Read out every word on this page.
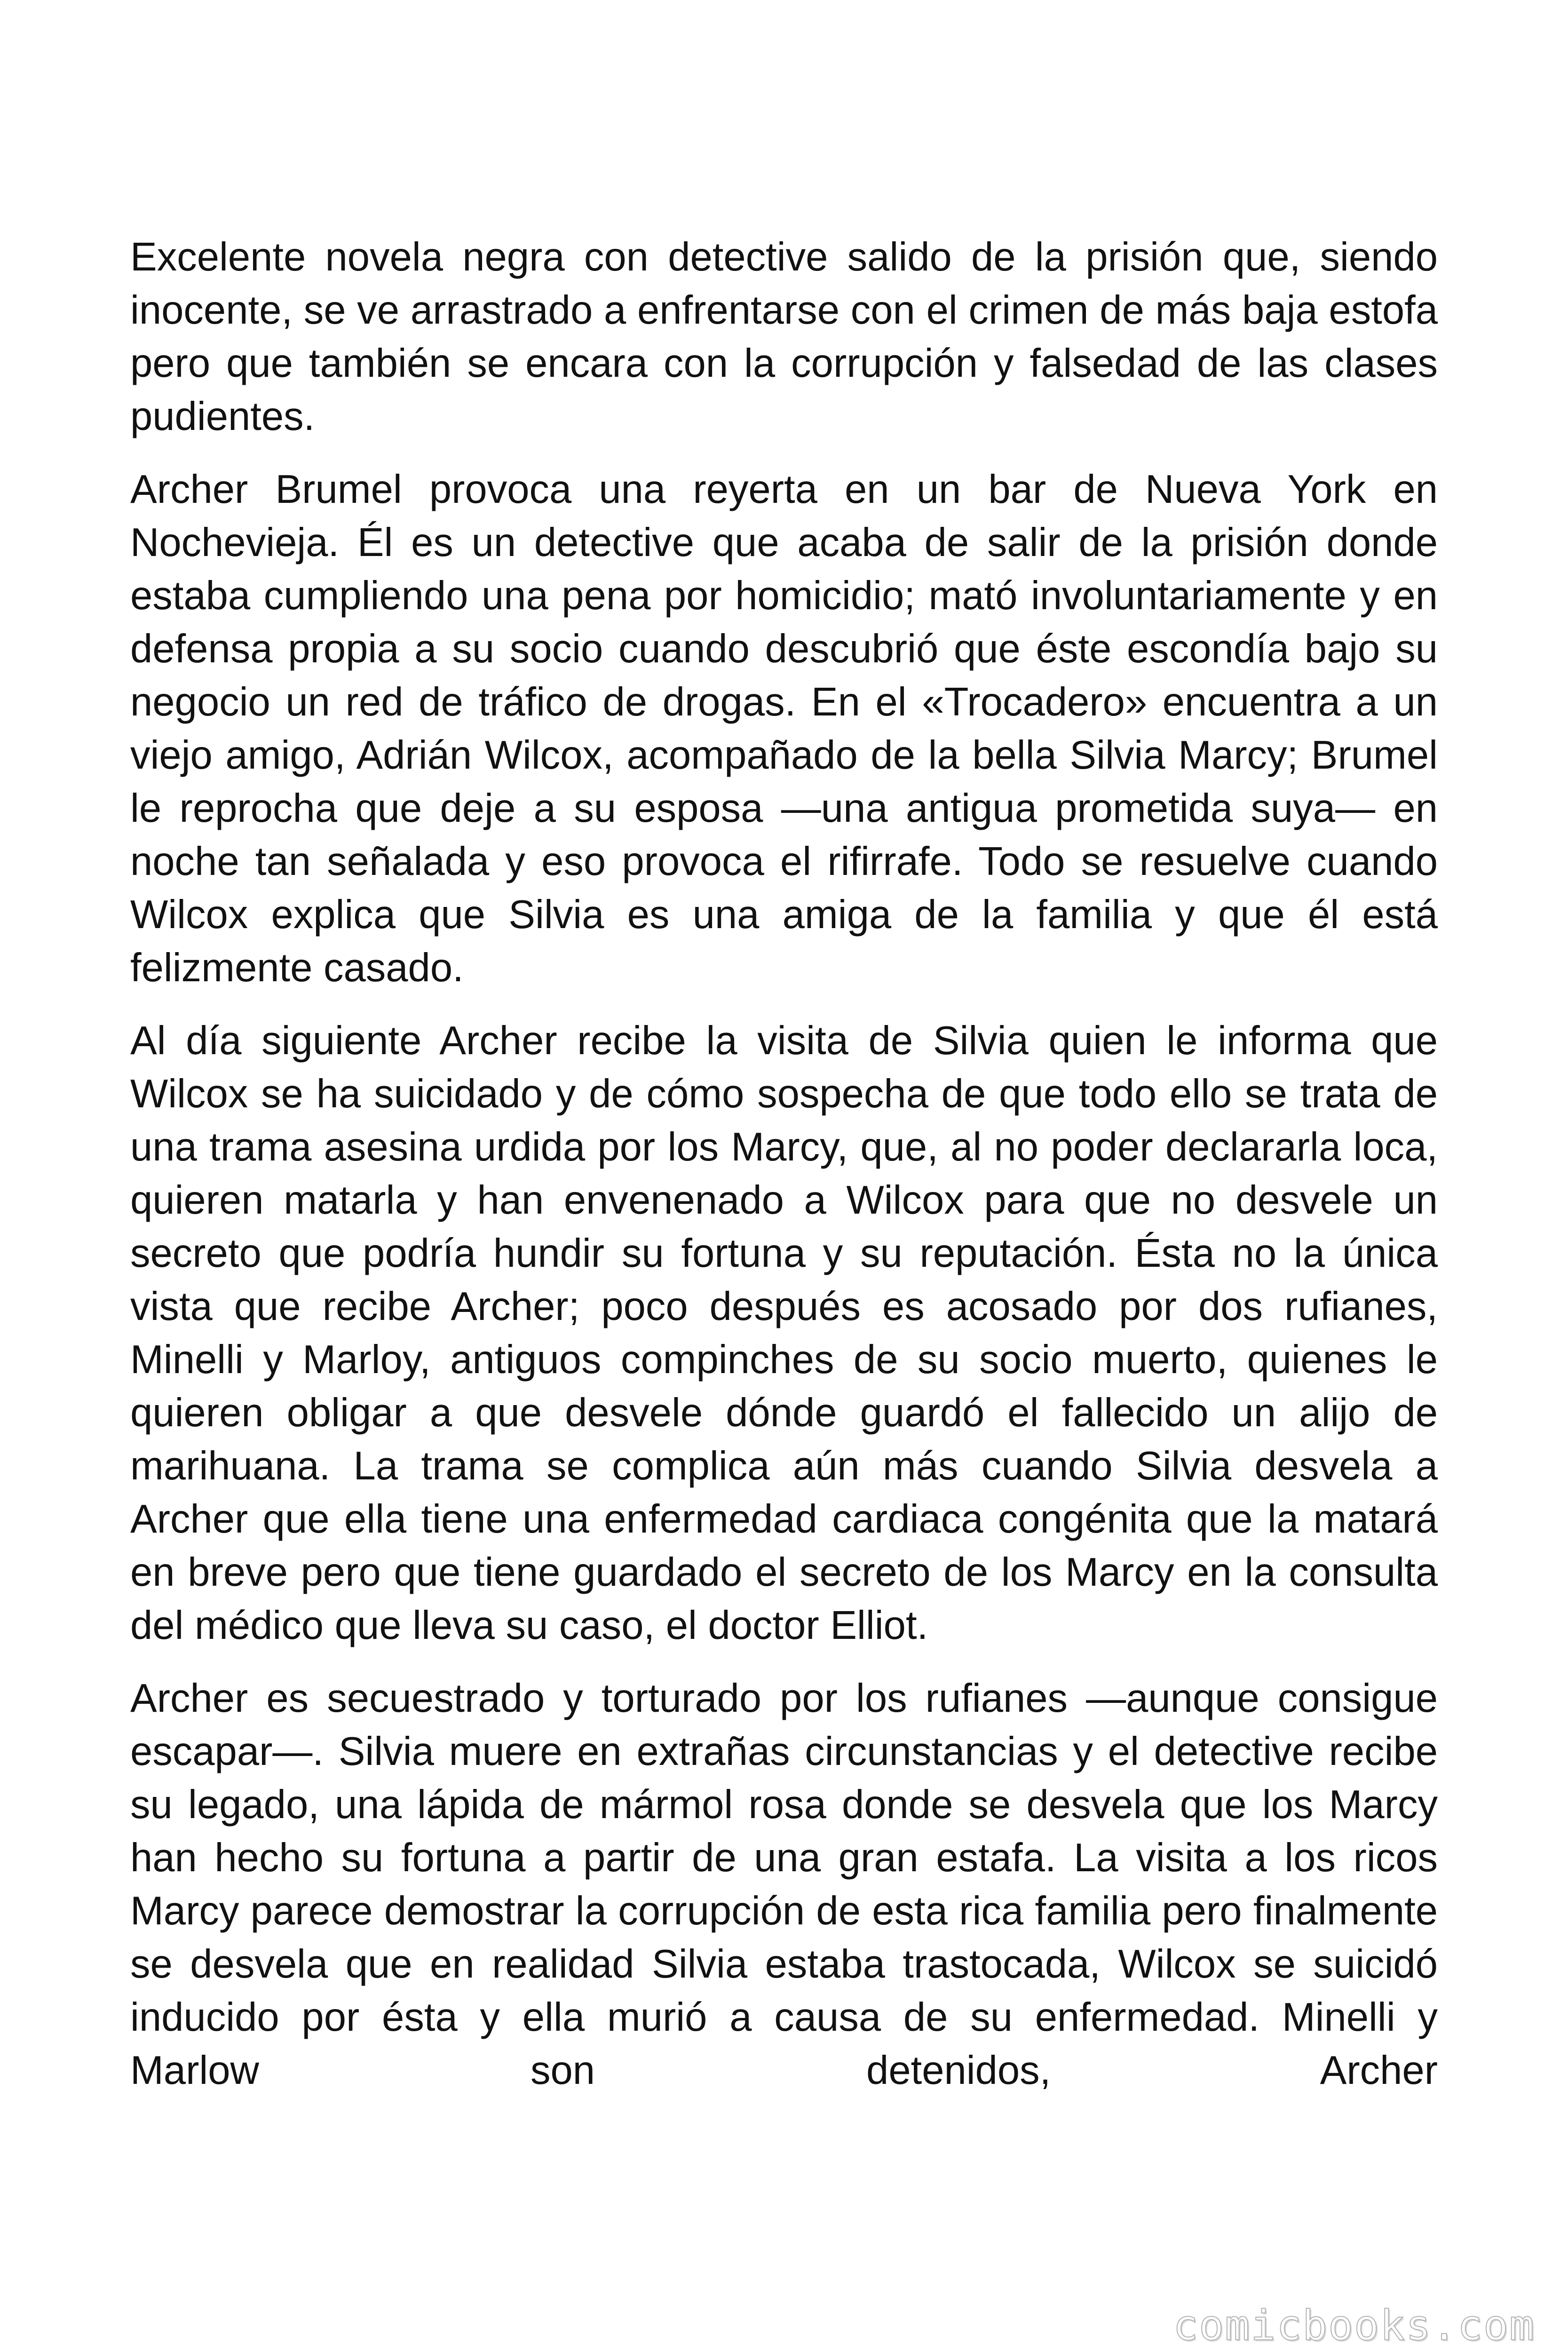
Excelente novela negra con detective salido de la prisión que, siendo inocente, se ve arrastrado a enfrentarse con el crimen de más baja estofa pero que también se encara con la corrupción y falsedad de las clases pudientes.

Archer Brumel provoca una reyerta en un bar de Nueva York en Nochevieja. Él es un detective que acaba de salir de la prisión donde estaba cumpliendo una pena por homicidio; mató involuntariamente y en defensa propia a su socio cuando descubrió que éste escondía bajo su negocio un red de tráfico de drogas. En el «Trocadero» encuentra a un viejo amigo, Adrián Wilcox, acompañado de la bella Silvia Marcy; Brumel le reprocha que deje a su esposa —una antigua prometida suya— en noche tan señalada y eso provoca el rifirrafe. Todo se resuelve cuando Wilcox explica que Silvia es una amiga de la familia y que él está felizmente casado.

Al día siguiente Archer recibe la visita de Silvia quien le informa que Wilcox se ha suicidado y de cómo sospecha de que todo ello se trata de una trama asesina urdida por los Marcy, que, al no poder declararla loca, quieren matarla y han envenenado a Wilcox para que no desvele un secreto que podría hundir su fortuna y su reputación. Ésta no la única vista que recibe Archer; poco después es acosado por dos rufianes, Minelli y Marloy, antiguos compinches de su socio muerto, quienes le quieren obligar a que desvele dónde guardó el fallecido un alijo de marihuana. La trama se complica aún más cuando Silvia desvela a Archer que ella tiene una enfermedad cardiaca congénita que la matará en breve pero que tiene guardado el secreto de los Marcy en la consulta del médico que lleva su caso, el doctor Elliot.

Archer es secuestrado y torturado por los rufianes —aunque consigue escapar—. Silvia muere en extrañas circunstancias y el detective recibe su legado, una lápida de mármol rosa donde se desvela que los Marcy han hecho su fortuna a partir de una gran estafa. La visita a los ricos Marcy parece demostrar la corrupción de esta rica familia pero finalmente se desvela que en realidad Silvia estaba trastocada, Wilcox se suicidó inducido por ésta y ella murió a causa de su enfermedad. Minelli y Marlow son detenidos, Archer

comicbooks.com
